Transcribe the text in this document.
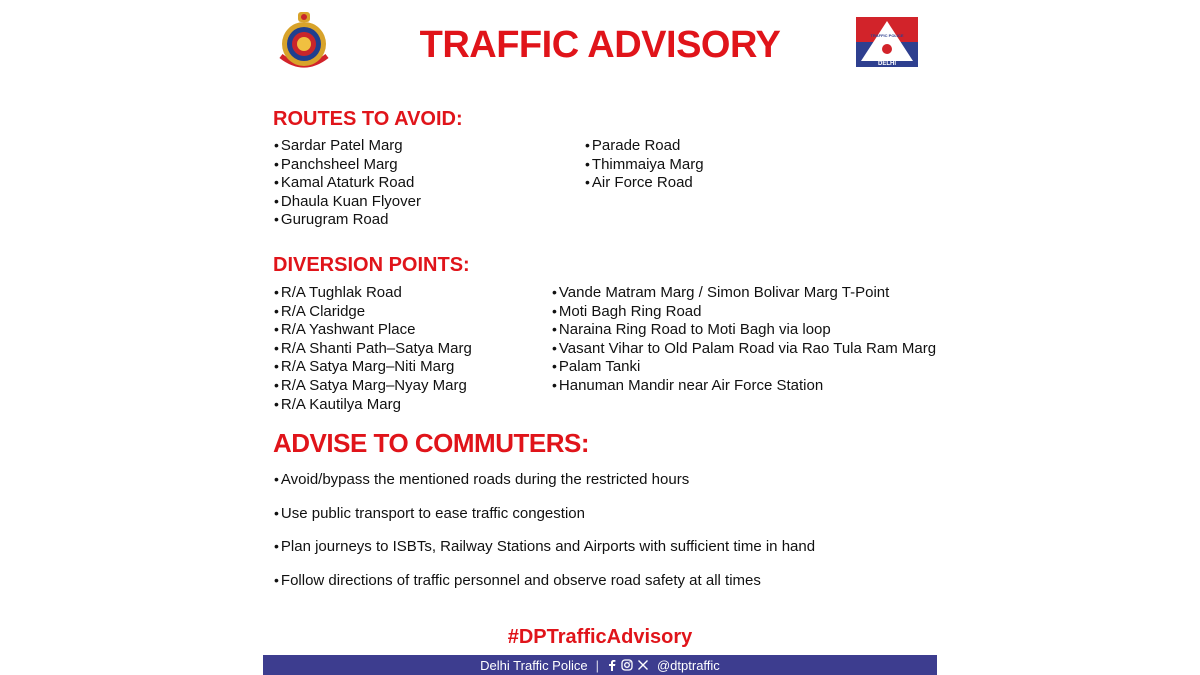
DELHI
TRAFFIC POLICE
TRAFFIC ADVISORY
ROUTES TO AVOID:
• Sardar Patel Marg
• Panchsheel Marg
• Kamal Ataturk Road
• Dhaula Kuan Flyover
• Gurugram Road
• Parade Road
• Thimmaiya Marg
• Air Force Road
DIVERSION POINTS:
• R/A Tughlak Road
• R/A Claridge
• R/A Yashwant Place
• R/A Shanti Path–Satya Marg
• R/A Satya Marg–Niti Marg
• R/A Satya Marg–Nyay Marg
• R/A Kautilya Marg
• Vande Matram Marg / Simon Bolivar Marg T-Point
• Moti Bagh Ring Road
• Naraina Ring Road to Moti Bagh via loop
• Vasant Vihar to Old Palam Road via Rao Tula Ram Marg
• Palam Tanki
• Hanuman Mandir near Air Force Station
ADVISE TO COMMUTERS:
• Avoid/bypass the mentioned roads during the restricted hours
• Use public transport to ease traffic congestion
• Plan journeys to ISBTs, Railway Stations and Airports with sufficient time in hand
• Follow directions of traffic personnel and observe road safety at all times
#DPTrafficAdvisory
Delhi Traffic Police |	@dtptraffic
